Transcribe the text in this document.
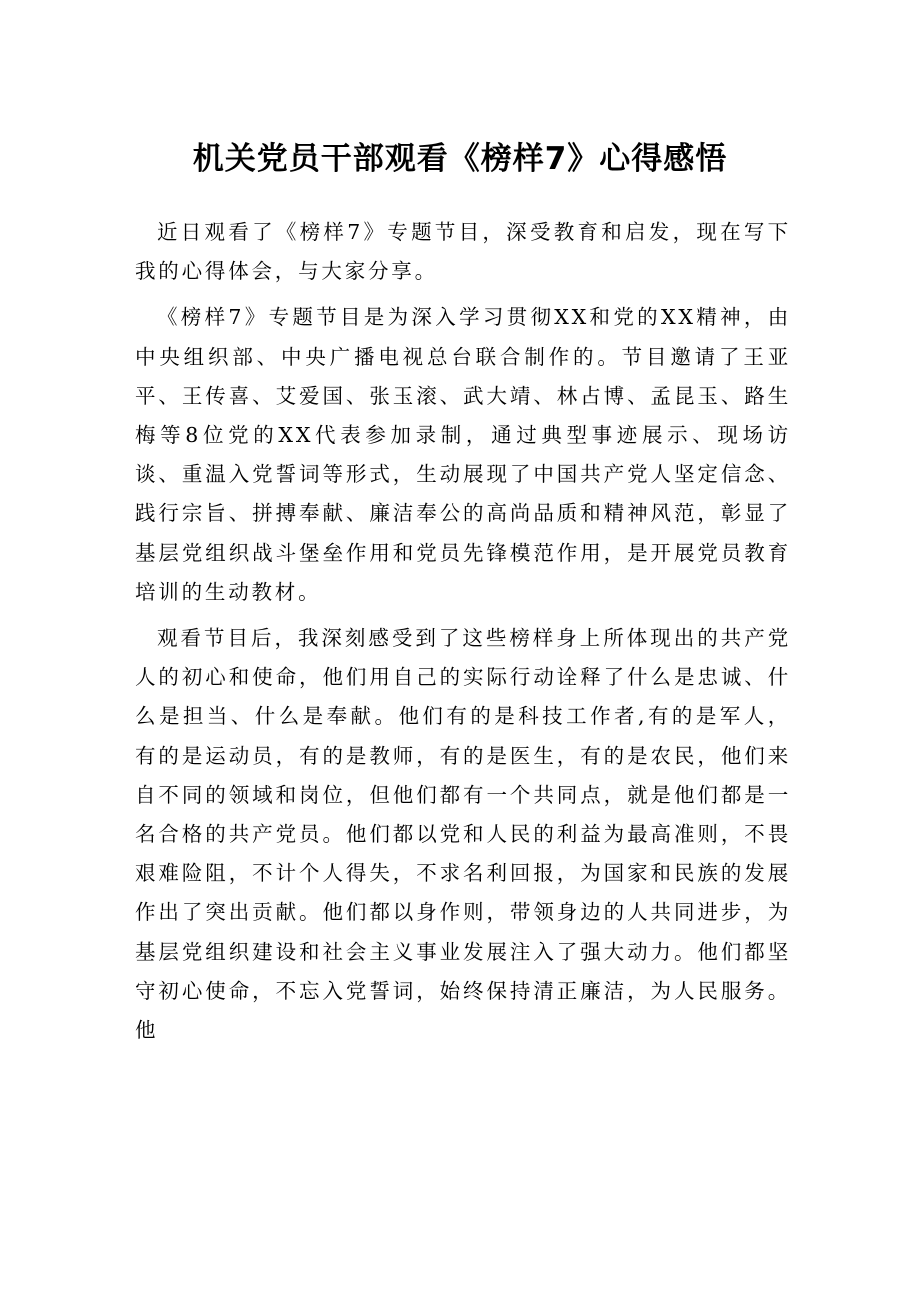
机关党员干部观看《榜样7》心得感悟

近日观看了《榜样7》专题节目，深受教育和启发，现在写下我的心得体会，与大家分享。

《榜样7》专题节目是为深入学习贯彻XX和党的XX精神，由中央组织部、中央广播电视总台联合制作的。节目邀请了王亚平、王传喜、艾爱国、张玉滚、武大靖、林占博、孟昆玉、路生梅等8位党的XX代表参加录制，通过典型事迹展示、现场访谈、重温入党誓词等形式，生动展现了中国共产党人坚定信念、践行宗旨、拼搏奉献、廉洁奉公的高尚品质和精神风范，彰显了基层党组织战斗堡垒作用和党员先锋模范作用，是开展党员教育培训的生动教材。

观看节目后，我深刻感受到了这些榜样身上所体现出的共产党人的初心和使命，他们用自己的实际行动诠释了什么是忠诚、什么是担当、什么是奉献。他们有的是科技工作者,有的是军人，有的是运动员，有的是教师，有的是医生，有的是农民，他们来自不同的领域和岗位，但他们都有一个共同点，就是他们都是一名合格的共产党员。他们都以党和人民的利益为最高准则，不畏艰难险阻，不计个人得失，不求名利回报，为国家和民族的发展作出了突出贡献。他们都以身作则，带领身边的人共同进步，为基层党组织建设和社会主义事业发展注入了强大动力。他们都坚守初心使命，不忘入党誓词，始终保持清正廉洁，为人民服务。他
